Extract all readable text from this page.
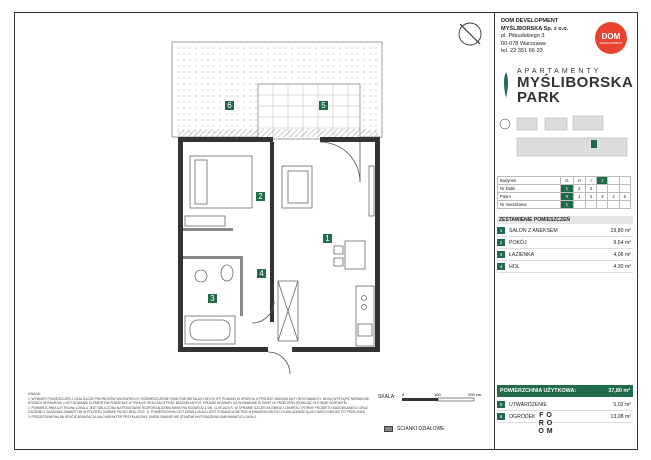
6	5
2
1
4
3

UWAGA:

1. WYMIARY POMIESZCZEŃ, LOKALIZACJE PRZYBORÓW SANITARNYCH, ROZMIESZCZENIE PUNKTÓW INSTALACYJNYCH ITP. PODANO W OPARCIU O PROJEKT BUDOWLANY I WYKONAWCZY. MOGĄ WYSTĄPIĆ NIEWIELKIE RÓŻNICE WYMIARÓW I USYTUOWANIA ELEMENTÓW POWSTAŁE W TRAKCIE REALIZACJI PRAC BUDOWLANYCH. PODANE WYMIARY SĄ WYMIARAMI W ŚWIETLE PRZEGRÓD (ROMUJĄC W STANIE SUROWYM.

2. POWIERZCHNIA UŻYTKOWA LOKALU JEST OBLICZONA NA PODSTAWIE ROZPORZĄDZENIA MINISTRA ROZWOJU Z DN. 11.09.2020 R. W SPRAWIE SZCZEGÓŁOWEGO ZAKRESU I FORMY PROJEKTU BUDOWLANEGO ORAZ ZGODNIE Z ZASADAMI ZAWARTYMI W POLSKIEJ NORMIE PN-ISO 9836: 2022. 1). POWIERZCHNIA UŻYTKOWA LOKALU JEST PODANA W METRACH KWADRATOWYCH Z DOKŁADNOŚCIĄ DO DWÓCH MIEJSC PO PRZECINKU.

3. PRZEDSTAWIONA NA RZUCIE ARANŻACJA MA CHARAKTER PRZYKŁADOWY, UMEBLOWANIE NIE STANOWI WYPOSAŻENIA NABYWANEGO LOKALU.

SKALA: 0	100	200 cm
ŚCIANKI DZIAŁOWE
DOM DEVELOPMENT
MYŚLIBORSKA Sp. z o.o.
pl. Piłsudskiego 3
00-078 Warszawa
tel. 22 351 66 33
DOM
DEVELOPMENT
APARTAMENTY
MYŚLIBORSKA
PARK
Budynek	G	H	I	J		
Nr klatki	1	2	3			
Piętro	0	1	2	3	4	5
Nr mieszkania	1					
ZESTAWIENIE POMIESZCZEŃ
1	SALON Z ANEKSEM	19,80 m²
2	POKÓJ	9,64 m²
3	ŁAZIENKA	4,06 m²
4	HOL	4,30 m²
POWIERZCHNIA UŻYTKOWA:	37,80 m²
5	UTWARDZENIE	5,02 m²
6	OGRÓDEK	13,08 m²
FO
RO
OM
